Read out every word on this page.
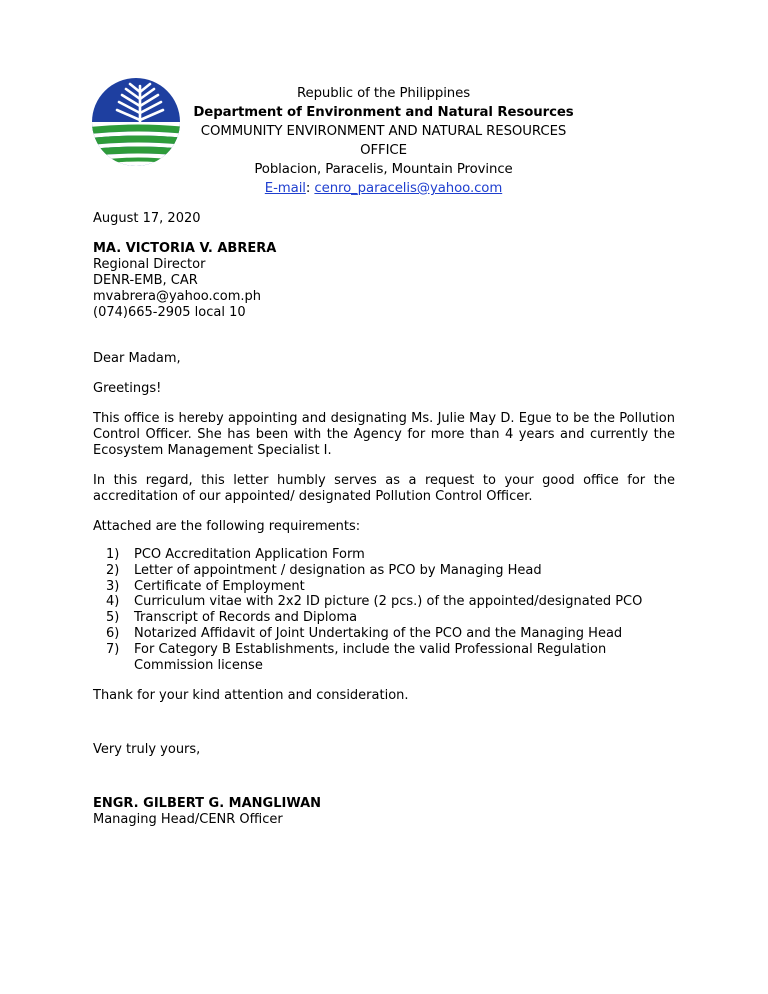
Republic of the Philippines
Department of Environment and Natural Resources
COMMUNITY ENVIRONMENT AND NATURAL RESOURCES OFFICE
Poblacion, Paracelis, Mountain Province
E-mail: cenro_paracelis@yahoo.com

August 17, 2020

MA. VICTORIA V. ABRERA

Regional Director

DENR-EMB, CAR

mvabrera@yahoo.com.ph

(074)665-2905 local 10

Dear Madam,

Greetings!

This office is hereby appointing and designating Ms. Julie May D. Egue to be the Pollution Control Officer. She has been with the Agency for more than 4 years and currently the Ecosystem Management Specialist I.

In this regard, this letter humbly serves as a request to your good office for the accreditation of our appointed/ designated Pollution Control Officer.

Attached are the following requirements:

1) PCO Accreditation Application Form
2) Letter of appointment / designation as PCO by Managing Head
3) Certificate of Employment
4) Curriculum vitae with 2x2 ID picture (2 pcs.) of the appointed/designated PCO
5) Transcript of Records and Diploma
6) Notarized Affidavit of Joint Undertaking of the PCO and the Managing Head
7) For Category B Establishments, include the valid Professional Regulation Commission license

Thank for your kind attention and consideration.

Very truly yours,

ENGR. GILBERT G. MANGLIWAN

Managing Head/CENR Officer
